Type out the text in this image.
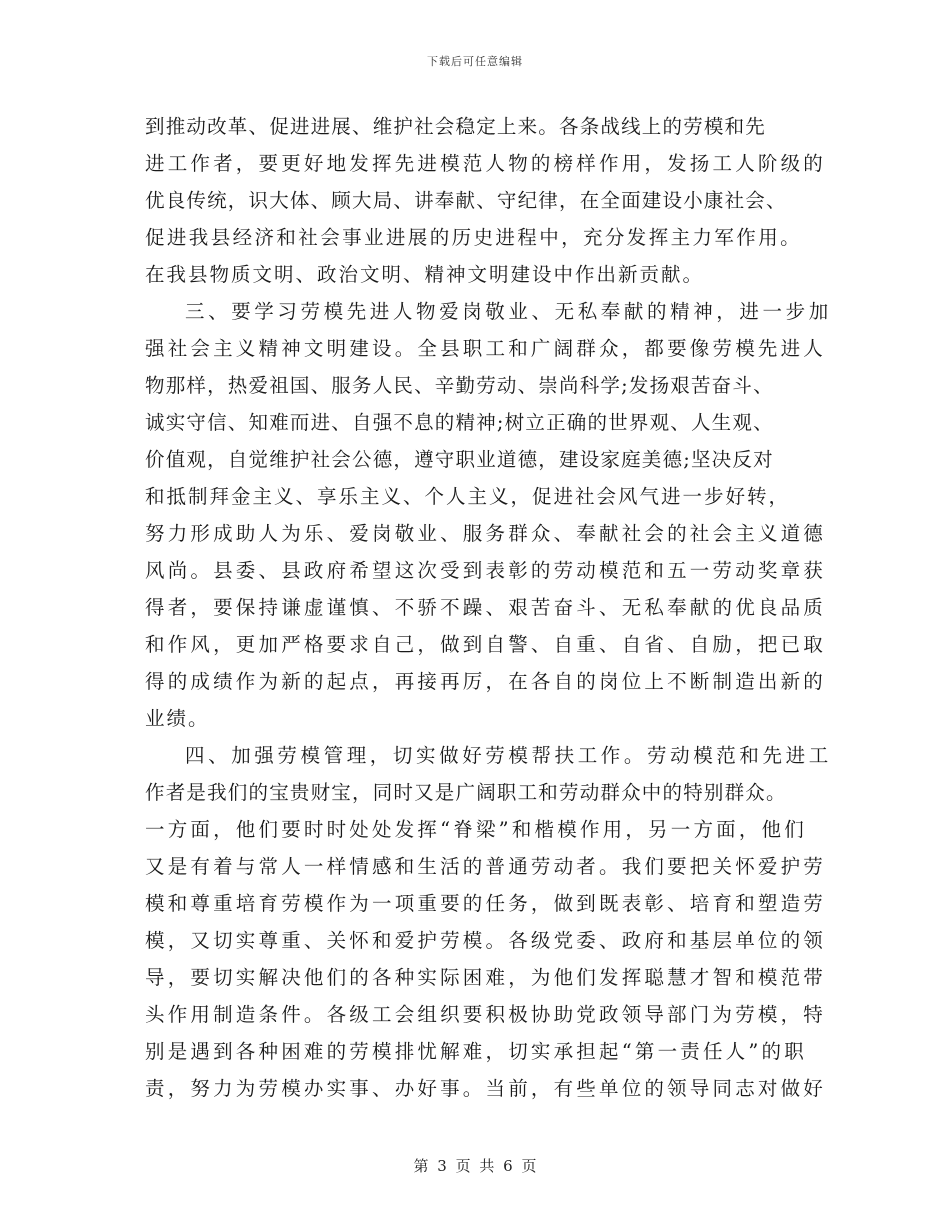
下载后可任意编辑
到推动改革、促进进展、维护社会稳定上来。各条战线上的劳模和先
进工作者，要更好地发挥先进模范人物的榜样作用，发扬工人阶级的
优良传统，识大体、顾大局、讲奉献、守纪律，在全面建设小康社会、
促进我县经济和社会事业进展的历史进程中，充分发挥主力军作用。
在我县物质文明、政治文明、精神文明建设中作出新贡献。
三、要学习劳模先进人物爱岗敬业、无私奉献的精神，进一步加
强社会主义精神文明建设。全县职工和广阔群众，都要像劳模先进人
物那样，热爱祖国、服务人民、辛勤劳动、崇尚科学;发扬艰苦奋斗、
诚实守信、知难而进、自强不息的精神;树立正确的世界观、人生观、
价值观，自觉维护社会公德，遵守职业道德，建设家庭美德;坚决反对
和抵制拜金主义、享乐主义、个人主义，促进社会风气进一步好转，
努力形成助人为乐、爱岗敬业、服务群众、奉献社会的社会主义道德
风尚。县委、县政府希望这次受到表彰的劳动模范和五一劳动奖章获
得者，要保持谦虚谨慎、不骄不躁、艰苦奋斗、无私奉献的优良品质
和作风，更加严格要求自己，做到自警、自重、自省、自励，把已取
得的成绩作为新的起点，再接再厉，在各自的岗位上不断制造出新的
业绩。
四、加强劳模管理，切实做好劳模帮扶工作。劳动模范和先进工
作者是我们的宝贵财宝，同时又是广阔职工和劳动群众中的特别群众。
一方面，他们要时时处处发挥“脊梁”和楷模作用，另一方面，他们
又是有着与常人一样情感和生活的普通劳动者。我们要把关怀爱护劳
模和尊重培育劳模作为一项重要的任务，做到既表彰、培育和塑造劳
模，又切实尊重、关怀和爱护劳模。各级党委、政府和基层单位的领
导，要切实解决他们的各种实际困难，为他们发挥聪慧才智和模范带
头作用制造条件。各级工会组织要积极协助党政领导部门为劳模，特
别是遇到各种困难的劳模排忧解难，切实承担起“第一责任人”的职
责，努力为劳模办实事、办好事。当前，有些单位的领导同志对做好
第 3 页 共 6 页
